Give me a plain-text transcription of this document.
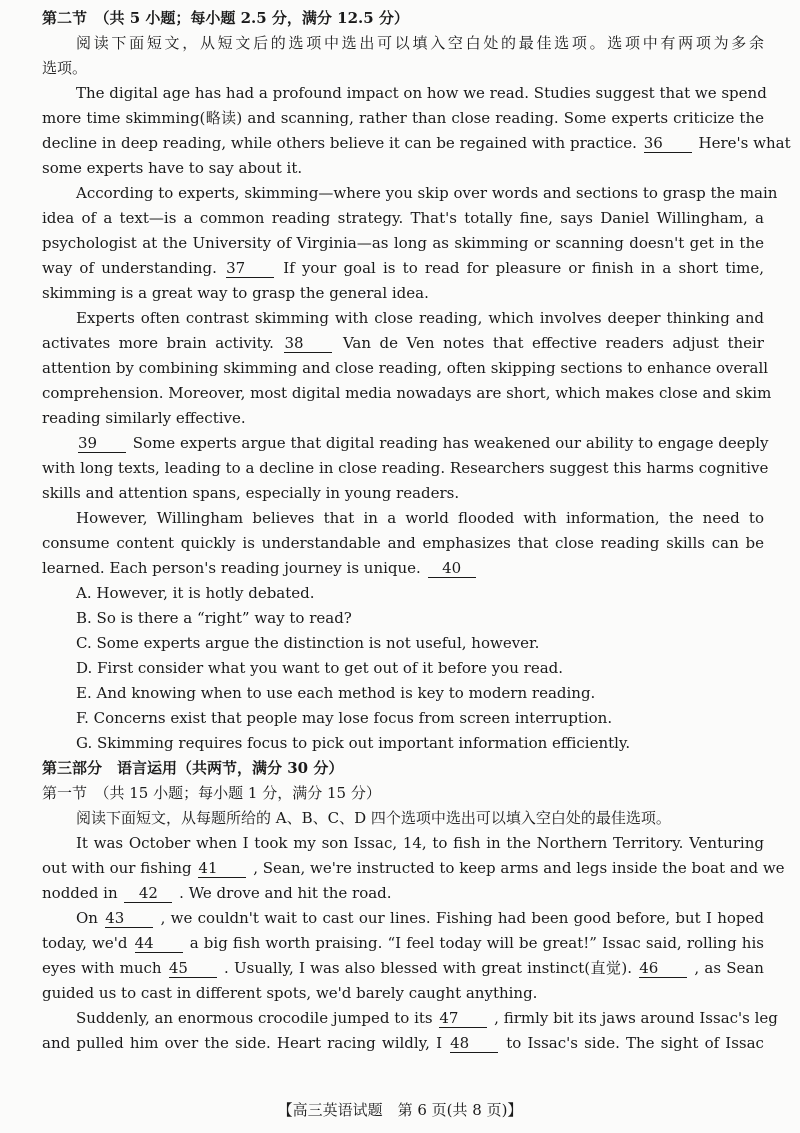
第二节　（共 5 小题；每小题 2.5 分，满分 12.5 分）
阅读下面短文，从短文后的选项中选出可以填入空白处的最佳选项。选项中有两项为多余
选项。
The digital age has had a profound impact on how we read. Studies suggest that we spend
more time skimming(略读) and scanning, rather than close reading. Some experts criticize the
decline in deep reading, while others believe it can be regained with practice. 36 Here's what
some experts have to say about it.
According to experts, skimming—where you skip over words and sections to grasp the main
idea of a text—is a common reading strategy. That's totally fine, says Daniel Willingham, a
psychologist at the University of Virginia—as long as skimming or scanning doesn't get in the
way of understanding. 37	If your goal is to read for pleasure or finish in a short time,
skimming is a great way to grasp the general idea.
Experts often contrast skimming with close reading, which involves deeper thinking and
activates more brain activity. 38	Van de Ven notes that effective readers adjust their
attention by combining skimming and close reading, often skipping sections to enhance overall
comprehension. Moreover, most digital media nowadays are short, which makes close and skim
reading similarly effective.
39 Some experts argue that digital reading has weakened our ability to engage deeply
with long texts, leading to a decline in close reading. Researchers suggest this harms cognitive
skills and attention spans, especially in young readers.
However, Willingham believes that in a world flooded with information, the need to
consume content quickly is understandable and emphasizes that close reading skills can be
learned. Each person's reading journey is unique. 40
A. However, it is hotly debated.
B. So is there a “right” way to read?
C. Some experts argue the distinction is not useful, however.
D. First consider what you want to get out of it before you read.
E. And knowing when to use each method is key to modern reading.
F. Concerns exist that people may lose focus from screen interruption.
G. Skimming requires focus to pick out important information efficiently.
第三部分　语言运用（共两节，满分 30 分）
第一节　（共 15 小题；每小题 1 分，满分 15 分）
阅读下面短文，从每题所给的 A、B、C、D 四个选项中选出可以填入空白处的最佳选项。
It was October when I took my son Issac, 14, to fish in the Northern Territory. Venturing
out with our fishing 41 , Sean, we're instructed to keep arms and legs inside the boat and we
nodded in 42 . We drove and hit the road.
On 43 , we couldn't wait to cast our lines. Fishing had been good before, but I hoped
today, we'd 44 a big fish worth praising. “I feel today will be great!” Issac said, rolling his
eyes with much 45 . Usually, I was also blessed with great instinct(直觉). 46 , as Sean
guided us to cast in different spots, we'd barely caught anything.
Suddenly, an enormous crocodile jumped to its 47 , firmly bit its jaws around Issac's leg
and pulled him over the side. Heart racing wildly, I 48 to Issac's side. The sight of Issac
【高三英语试题　第 6 页(共 8 页)】
